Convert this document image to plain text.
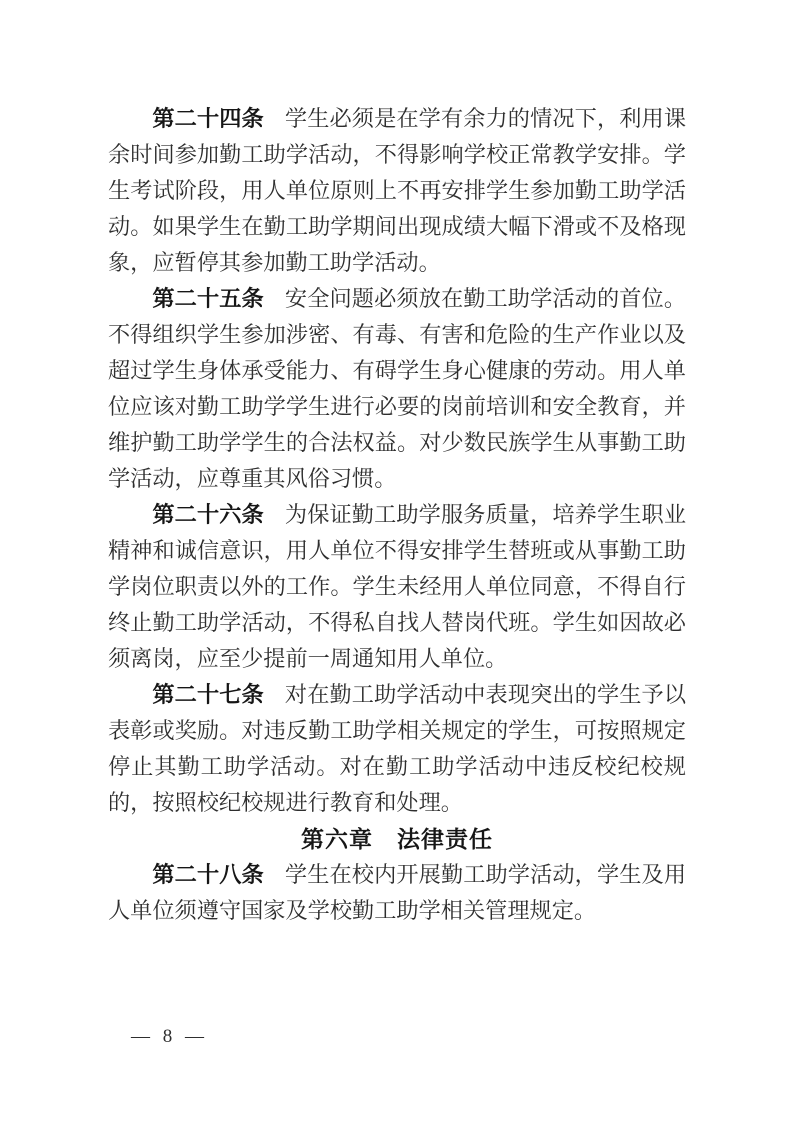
第二十四条 学生必须是在学有余力的情况下，利用课余时间参加勤工助学活动，不得影响学校正常教学安排。学生考试阶段，用人单位原则上不再安排学生参加勤工助学活动。如果学生在勤工助学期间出现成绩大幅下滑或不及格现象，应暂停其参加勤工助学活动。

第二十五条 安全问题必须放在勤工助学活动的首位。不得组织学生参加涉密、有毒、有害和危险的生产作业以及超过学生身体承受能力、有碍学生身心健康的劳动。用人单位应该对勤工助学学生进行必要的岗前培训和安全教育，并维护勤工助学学生的合法权益。对少数民族学生从事勤工助学活动，应尊重其风俗习惯。

第二十六条 为保证勤工助学服务质量，培养学生职业精神和诚信意识，用人单位不得安排学生替班或从事勤工助学岗位职责以外的工作。学生未经用人单位同意，不得自行终止勤工助学活动，不得私自找人替岗代班。学生如因故必须离岗，应至少提前一周通知用人单位。

第二十七条 对在勤工助学活动中表现突出的学生予以表彰或奖励。对违反勤工助学相关规定的学生，可按照规定停止其勤工助学活动。对在勤工助学活动中违反校纪校规的，按照校纪校规进行教育和处理。

第六章　法律责任

第二十八条 学生在校内开展勤工助学活动，学生及用人单位须遵守国家及学校勤工助学相关管理规定。

— 8 —
